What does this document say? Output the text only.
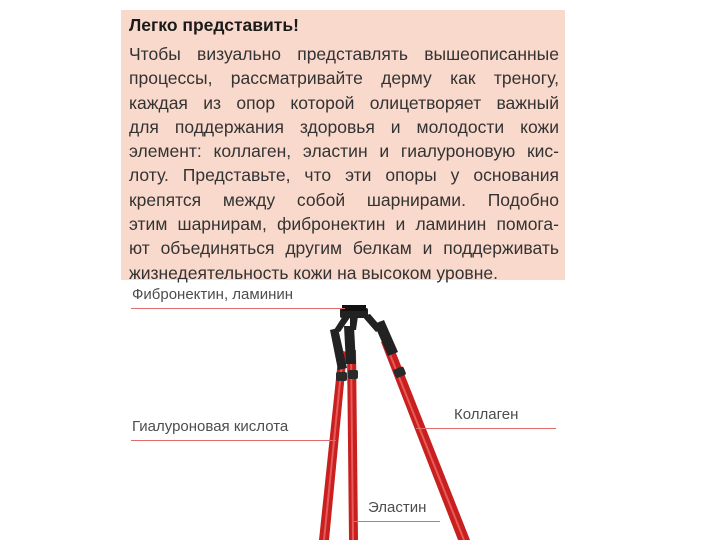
Легко представить!
Чтобы визуально представлять вышеописанные
процессы, рассматривайте дерму как треногу,
каждая из опор которой олицетворяет важный
для поддержания здоровья и молодости кожи
элемент: коллаген, эластин и гиалуроновую кис-
лоту. Представьте, что эти опоры у основания
крепятся между собой шарнирами. Подобно
этим шарнирам, фибронектин и ламинин помога-
ют объединяться другим белкам и поддерживать
жизнедеятельность кожи на высоком уровне.
Фибронектин, ламинин
Гиалуроновая кислота
Коллаген
Эластин
